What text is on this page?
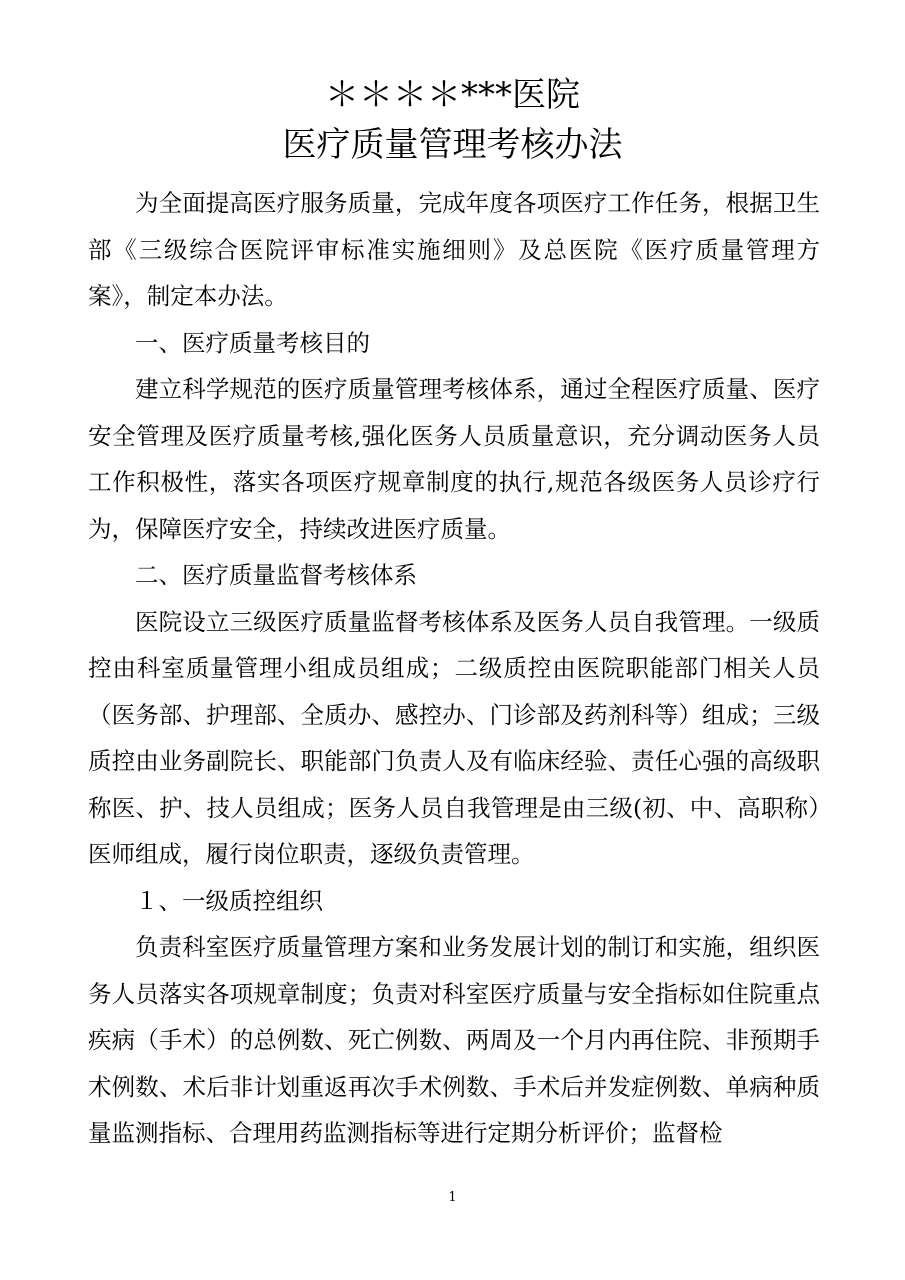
＊＊＊＊***医院
医疗质量管理考核办法

为全面提高医疗服务质量，完成年度各项医疗工作任务，根据卫生部《三级综合医院评审标准实施细则》及总医院《医疗质量管理方案》，制定本办法。

一、医疗质量考核目的

建立科学规范的医疗质量管理考核体系，通过全程医疗质量、医疗安全管理及医疗质量考核,强化医务人员质量意识，充分调动医务人员工作积极性，落实各项医疗规章制度的执行,规范各级医务人员诊疗行为，保障医疗安全，持续改进医疗质量。

二、医疗质量监督考核体系

医院设立三级医疗质量监督考核体系及医务人员自我管理。一级质控由科室质量管理小组成员组成；二级质控由医院职能部门相关人员（医务部、护理部、全质办、感控办、门诊部及药剂科等）组成；三级质控由业务副院长、职能部门负责人及有临床经验、责任心强的高级职称医、护、技人员组成；医务人员自我管理是由三级(初、中、高职称）医师组成，履行岗位职责，逐级负责管理。

１、一级质控组织

负责科室医疗质量管理方案和业务发展计划的制订和实施，组织医务人员落实各项规章制度；负责对科室医疗质量与安全指标如住院重点疾病（手术）的总例数、死亡例数、两周及一个月内再住院、非预期手术例数、术后非计划重返再次手术例数、手术后并发症例数、单病种质量监测指标、合理用药监测指标等进行定期分析评价；监督检

1
